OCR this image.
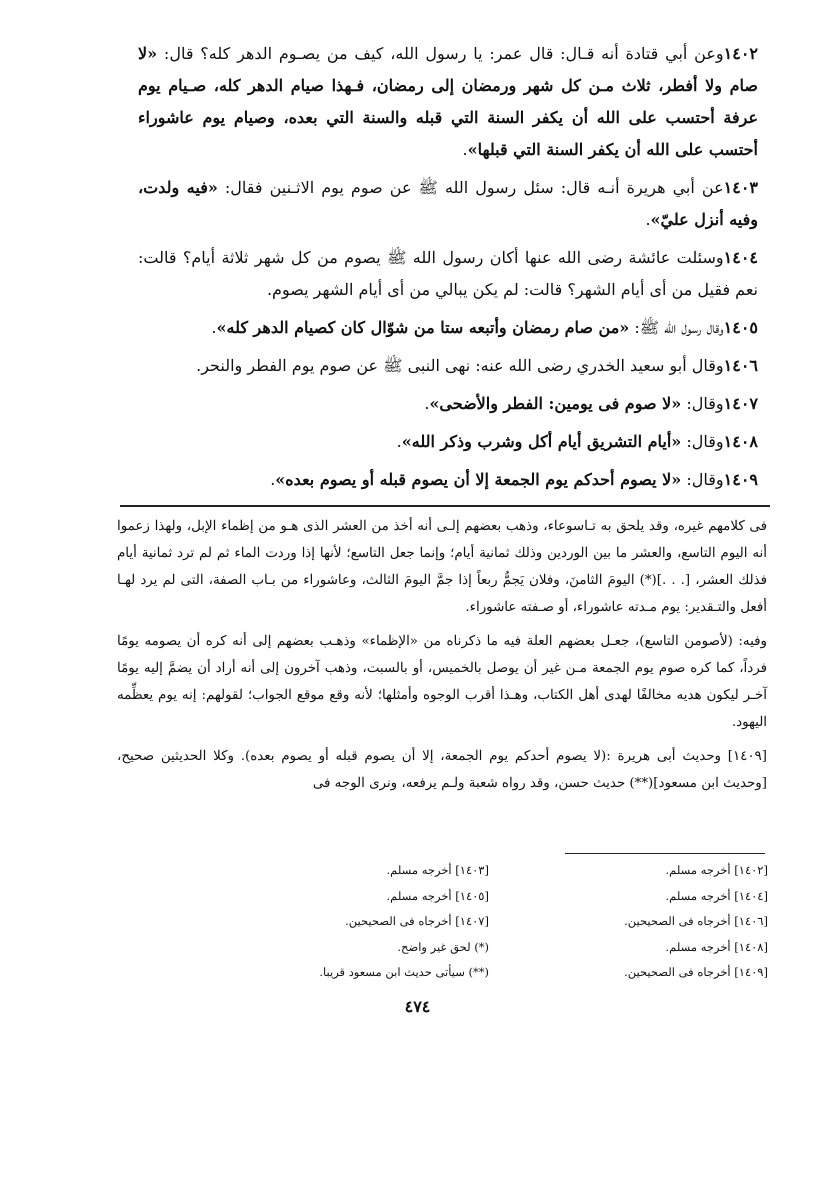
١٤٠٢وعن أبي قتادة أنه قـال: قال عمر: يا رسول الله، كيف من يصـوم الدهر كله؟ قال: «لا صام ولا أفطر، ثلاث مـن كل شهر ورمضان إلى رمضان، فـهذا صيام الدهر كله، صـيام يوم عرفة أحتسب على الله أن يكفر السنة التي قبله والسنة التي بعده، وصيام يوم عاشوراء أحتسب على الله أن يكفر السنة التي قبلها».

١٤٠٣عن أبي هريرة أنـه قال: سئل رسول الله ﷺ عن صوم يوم الاثـنين فقال: «فيه ولدت، وفيه أنزل عليّ».

١٤٠٤وسئلت عائشة رضى الله عنها أكان رسول الله ﷺ يصوم من كل شهر ثلاثة أيام؟ قالت: نعم فقيل من أى أيام الشهر؟ قالت: لم يكن يبالي من أى أيام الشهر يصوم.

١٤٠٥وقال رسول الله ﷺ: «من صام رمضان وأتبعه ستا من شوّال كان كصيام الدهر كله».

١٤٠٦وقال أبو سعيد الخدري رضى الله عنه: نهى النبى ﷺ عن صوم يوم الفطر والنحر.

١٤٠٧وقال: «لا صوم فى يومين: الفطر والأضحى».

١٤٠٨وقال: «أيام التشريق أيام أكل وشرب وذكر الله».

١٤٠٩وقال: «لا يصوم أحدكم يوم الجمعة إلا أن يصوم قبله أو يصوم بعده».

فى كلامهم غيره، وقد يلحق به تـاسوعاء، وذهب بعضهم إلـى أنه أخذ من العشر الذى هـو من إظماء الإبل، ولهذا زعموا أنه اليوم التاسع، والعشر ما بين الوردين وذلك ثمانية أيام؛ وإنما جعل التاسع؛ لأنها إذا وردت الماء ثم لم ترد ثمانية أيام فذلك العشر، [. . .](*) اليومَ الثامنَ، وفلان يَجمُّ ربعاً إذا جمَّ اليومَ الثالث، وعاشوراء من بـاب الصفة، التى لم يرد لهـا أفعل والتـقدير: يوم مـدته عاشوراء، أو صـفته عاشوراء.

وفيه: (لأصومن التاسع)، جعـل بعضهم العلة فيه ما ذكرناه من «الإظماء» وذهـب بعضهم إلى أنه كره أن يصومه يومًا فرداً، كما كره صوم يوم الجمعة مـن غير أن يوصل بالخميس، أو بالسبت، وذهب آخرون إلى أنه أراد أن يضمَّ إليه يومًا آخـر ليكون هديه مخالفًا لهدى أهل الكتاب، وهـذا أقرب الوجوه وأمثلها؛ لأنه وقع موقع الجواب؛ لقولهم: إنه يوم يعظِّمه اليهود.

[١٤٠٩] وحديث أبى هريرة :(لا يصوم أحدكم يوم الجمعة، إلا أن يصوم قبله أو يصوم بعده). وكلا الحديثين صحيح، [وحديث ابن مسعود](**) حديث حسن، وقد رواه شعبة ولـم يرفعه، ونرى الوجه فى

[١٤٠٢] أخرجه مسلم.
[١٤٠٣] أخرجه مسلم.
[١٤٠٤] أخرجه مسلم.
[١٤٠٥] أخرجه مسلم.
[١٤٠٦] أخرجاه فى الصحيحين.
[١٤٠٧] أخرجاه فى الصحيحين.
[١٤٠٨] أخرجه مسلم.
(*) لحق غير واضح.
[١٤٠٩] أخرجاه فى الصحيحين.
(**) سيأتى حديث ابن مسعود قريبا.
٤٧٤
